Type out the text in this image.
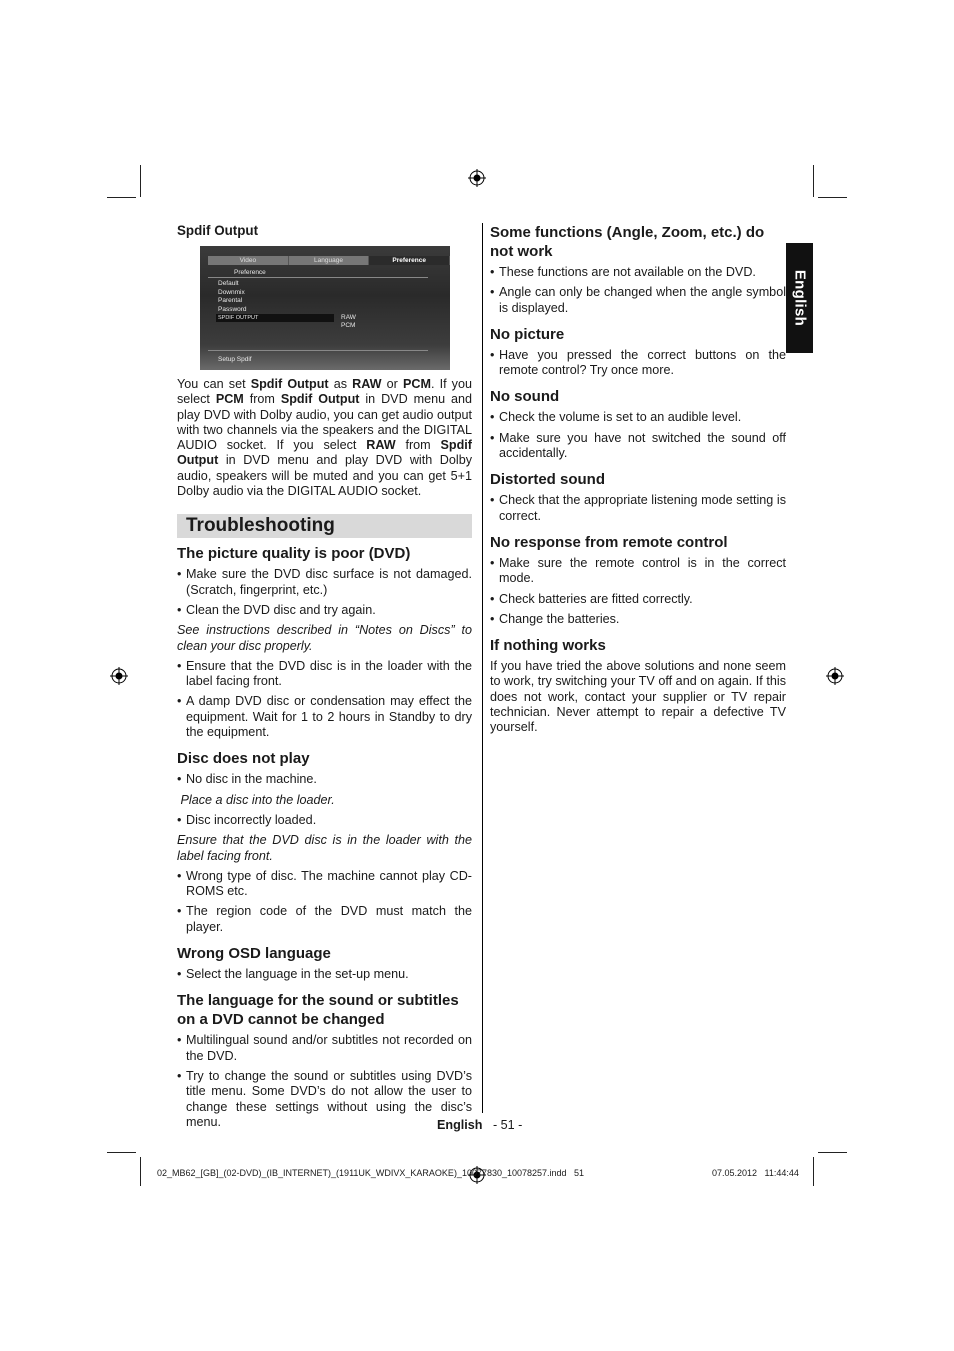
English
Spdif Output
Video	Language	Preference
Preference
Default
Downmix
Parental
Password
SPDIF OUTPUT	RAW
PCM
Setup Spdif

You can set Spdif Output as RAW or PCM. If you select PCM from Spdif Output in DVD menu and play DVD with Dolby audio, you can get audio output with two channels via the speakers and the DIGITAL AUDIO socket. If you select RAW from Spdif Output in DVD menu and play DVD with Dolby audio, speakers will be muted and you can get 5+1 Dolby audio via the DIGITAL AUDIO socket.

Troubleshooting
The picture quality is poor (DVD)
• Make sure the DVD disc surface is not damaged. (Scratch, fingerprint, etc.)
• Clean the DVD disc and try again.

See instructions described in “Notes on Discs” to clean your disc properly.

• Ensure that the DVD disc is in the loader with the label facing front.
• A damp DVD disc or condensation may effect the equipment. Wait for 1 to 2 hours in Standby to dry the equipment.
Disc does not play
• No disc in the machine.

Place a disc into the loader.

• Disc incorrectly loaded.

Ensure that the DVD disc is in the loader with the label facing front.

• Wrong type of disc. The machine cannot play CD-ROMS etc.
• The region code of the DVD must match the player.
Wrong OSD language
• Select the language in the set-up menu.
The language for the sound or subtitles on a DVD cannot be changed
• Multilingual sound and/or subtitles not recorded on the DVD.
• Try to change the sound or subtitles using DVD’s title menu. Some DVD’s do not allow the user to change these settings without using the disc’s menu.
Some functions (Angle, Zoom, etc.) do not work
• These functions are not available on the DVD.
• Angle can only be changed when the angle symbol is displayed.
No picture
• Have you pressed the correct buttons on the remote control? Try once more.
No sound
• Check the volume is set to an audible level.
• Make sure you have not switched the sound off accidentally.
Distorted sound
• Check that the appropriate listening mode setting is correct.
No response from remote control
• Make sure the remote control is in the correct mode.
• Check batteries are fitted correctly.
• Change the batteries.
If nothing works

If you have tried the above solutions and none seem to work, try switching your TV off and on again. If this does not work, contact your supplier or TV repair technician. Never attempt to repair a defective TV yourself.

English - 51 -
02_MB62_[GB]_(02-DVD)_(IB_INTERNET)_(1911UK_WDIVX_KARAOKE)_10077830_10078257.indd   51	07.05.2012   11:44:44
